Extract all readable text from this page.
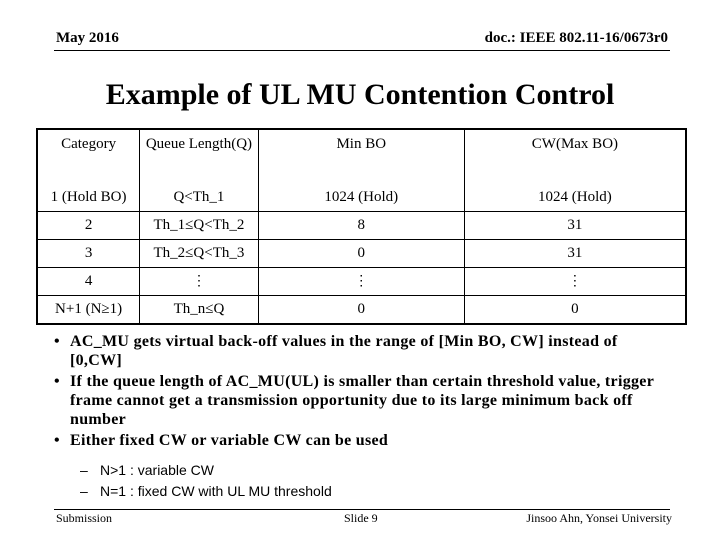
May 2016	doc.: IEEE 802.11-16/0673r0
Example of UL MU Contention Control
Category	Queue Length(Q)	Min BO	CW(Max BO)
1 (Hold BO)	Q<Th_1	1024 (Hold)	1024 (Hold)
2	Th_1≤Q<Th_2	8	31
3	Th_2≤Q<Th_3	0	31
4	⋮	⋮	⋮
N+1 (N≥1)	Th_n≤Q	0	0
• AC_MU gets virtual back-off values in the range of [Min BO, CW] instead of [0,CW]
• If the queue length of AC_MU(UL) is smaller than certain threshold value, trigger frame cannot get a transmission opportunity due to its large minimum back off number
• Either fixed CW or variable CW can be used
– N>1 : variable CW
– N=1 : fixed CW with UL MU threshold
Submission	Slide 9	Jinsoo Ahn, Yonsei University
